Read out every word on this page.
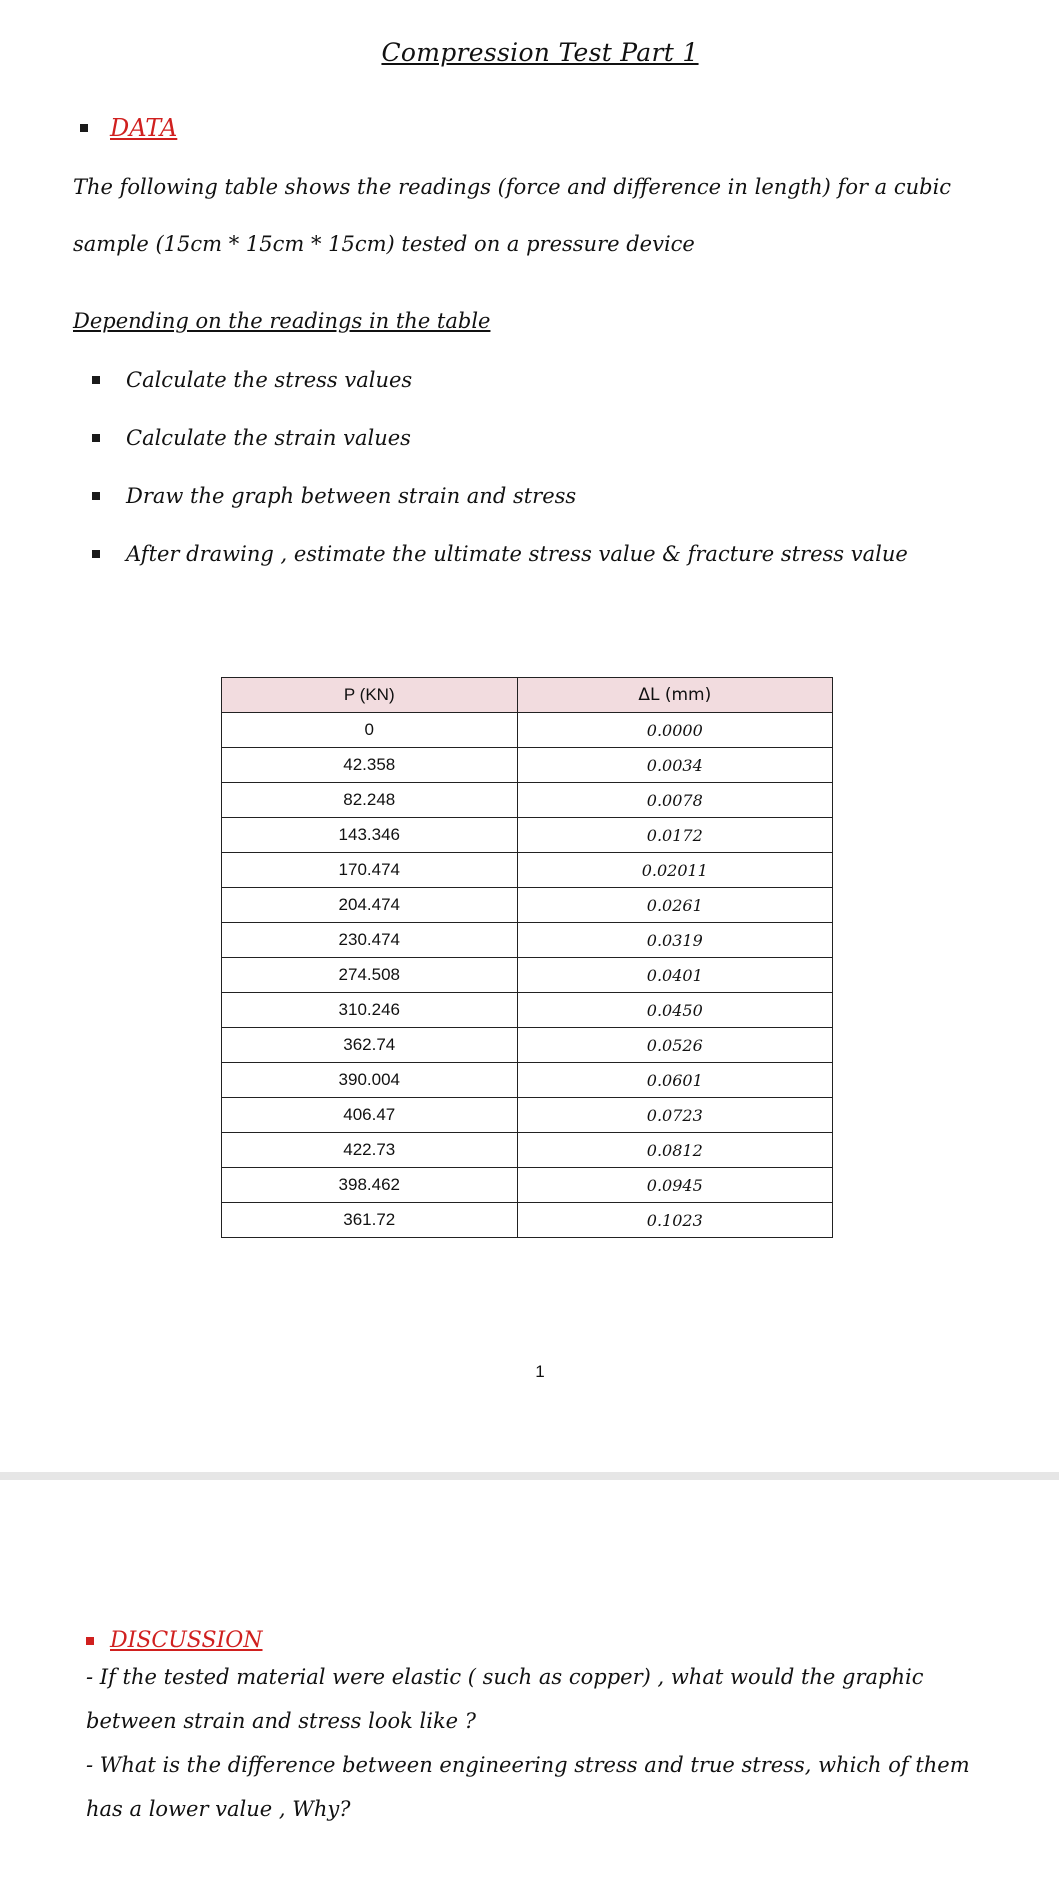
Compression Test Part 1
DATA
The following table shows the readings (force and difference in length) for a cubic
sample (15cm * 15cm * 15cm) tested on a pressure device
Depending on the readings in the table
Calculate the stress values
Calculate the strain values
Draw the graph between strain and stress
After drawing , estimate the ultimate stress value & fracture stress value
P (KN)	ΔL (mm)
0	0.0000
42.358	0.0034
82.248	0.0078
143.346	0.0172
170.474	0.02011
204.474	0.0261
230.474	0.0319
274.508	0.0401
310.246	0.0450
362.74	0.0526
390.004	0.0601
406.47	0.0723
422.73	0.0812
398.462	0.0945
361.72	0.1023
1
DISCUSSION
- If the tested material were elastic ( such as copper) , what would the graphic
between strain and stress look like ?
- What is the difference between engineering stress and true stress, which of them
has a lower value , Why?
